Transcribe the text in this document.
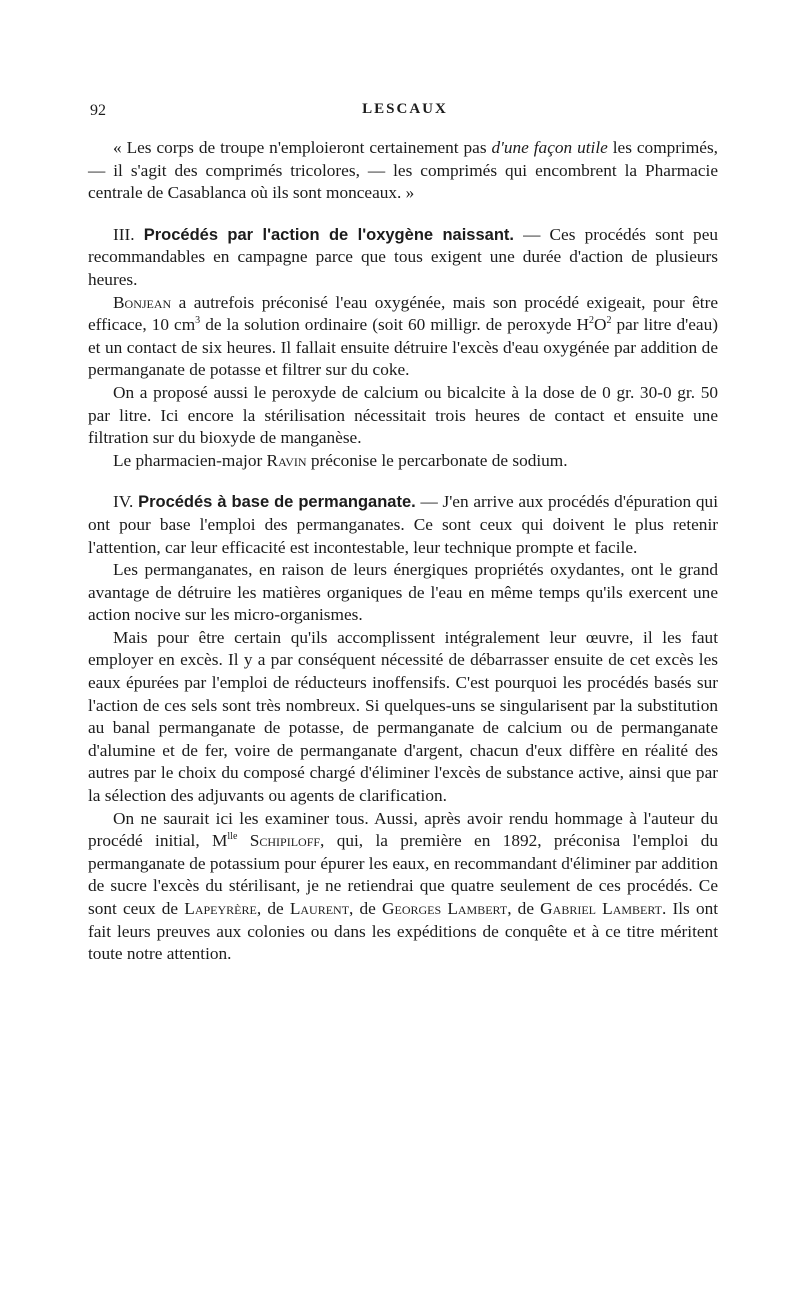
92	LESCAUX

« Les corps de troupe n'emploieront certainement pas d'une façon utile les comprimés, — il s'agit des comprimés tricolores, — les comprimés qui encombrent la Pharmacie centrale de Casablanca où ils sont monceaux. »

III. Procédés par l'action de l'oxygène naissant. — Ces procédés sont peu recommandables en campagne parce que tous exigent une durée d'action de plusieurs heures.

Bonjean a autrefois préconisé l'eau oxygénée, mais son procédé exigeait, pour être efficace, 10 $cm^3$ de la solution ordinaire (soit 60 milligr. de peroxyde $H^2O^2$ par litre d'eau) et un contact de six heures. Il fallait ensuite détruire l'excès d'eau oxygénée par addition de permanganate de potasse et filtrer sur du coke.

On a proposé aussi le peroxyde de calcium ou bicalcite à la dose de 0 gr. 30-0 gr. 50 par litre. Ici encore la stérilisation nécessitait trois heures de contact et ensuite une filtration sur du bioxyde de manganèse.

Le pharmacien-major Ravin préconise le percarbonate de sodium.

IV. Procédés à base de permanganate. — J'en arrive aux procédés d'épuration qui ont pour base l'emploi des permanganates. Ce sont ceux qui doivent le plus retenir l'attention, car leur efficacité est incontestable, leur technique prompte et facile.

Les permanganates, en raison de leurs énergiques propriétés oxydantes, ont le grand avantage de détruire les matières organiques de l'eau en même temps qu'ils exercent une action nocive sur les micro-organismes.

Mais pour être certain qu'ils accomplissent intégralement leur œuvre, il les faut employer en excès. Il y a par conséquent nécessité de débarrasser ensuite de cet excès les eaux épurées par l'emploi de réducteurs inoffensifs. C'est pourquoi les procédés basés sur l'action de ces sels sont très nombreux. Si quelques-uns se singularisent par la substitution au banal permanganate de potasse, de permanganate de calcium ou de permanganate d'alumine et de fer, voire de permanganate d'argent, chacun d'eux diffère en réalité des autres par le choix du composé chargé d'éliminer l'excès de substance active, ainsi que par la sélection des adjuvants ou agents de clarification.

On ne saurait ici les examiner tous. Aussi, après avoir rendu hommage à l'auteur du procédé initial, $M^{lle}$ Schipiloff, qui, la première en 1892, préconisa l'emploi du permanganate de potassium pour épurer les eaux, en recommandant d'éliminer par addition de sucre l'excès du stérilisant, je ne retiendrai que quatre seulement de ces procédés. Ce sont ceux de Lapeyrère, de Laurent, de Georges Lambert, de Gabriel Lambert. Ils ont fait leurs preuves aux colonies ou dans les expéditions de conquête et à ce titre méritent toute notre attention.
